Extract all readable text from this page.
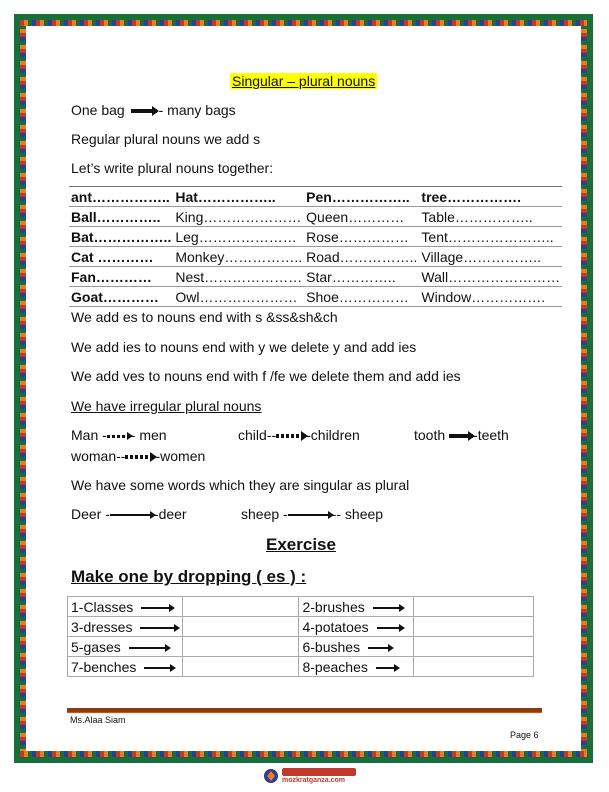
Singular – plural nouns
One bag - many bags
Regular plural nouns we add s
Let’s write plural nouns together:
ant……………..	Hat……………..	Pen……………..	tree…………….
Ball…………..	King…………………	Queen…………	Table……………..
Bat……………..	Leg…………………	Rose……………	Tent…………………..
Cat …………	Monkey……………..	Road……………..	Village……………..
Fan…………	Nest…………………	Star…………..	Wall……………………
Goat…………	Owl…………………	Shoe……………	Window…………….
We add es to nouns end with s &ss&sh&ch
We add ies to nouns end with y we delete y and add ies
We add ves to nouns end with f /fe we delete them and add ies
We have irregular plural nouns
Man - - men	child-- -children	tooth -teeth
woman-- -women
We have some words which they are singular as plural
Deer -	-deer	sheep -	-- sheep
Exercise
Make one by dropping ( es ) :
1-Classes		2-brushes	
3-dresses		4-potatoes	
5-gases		6-bushes	
7-benches		8-peaches	
Ms.Alaa Siam
Page 6
mozkratganza.com
